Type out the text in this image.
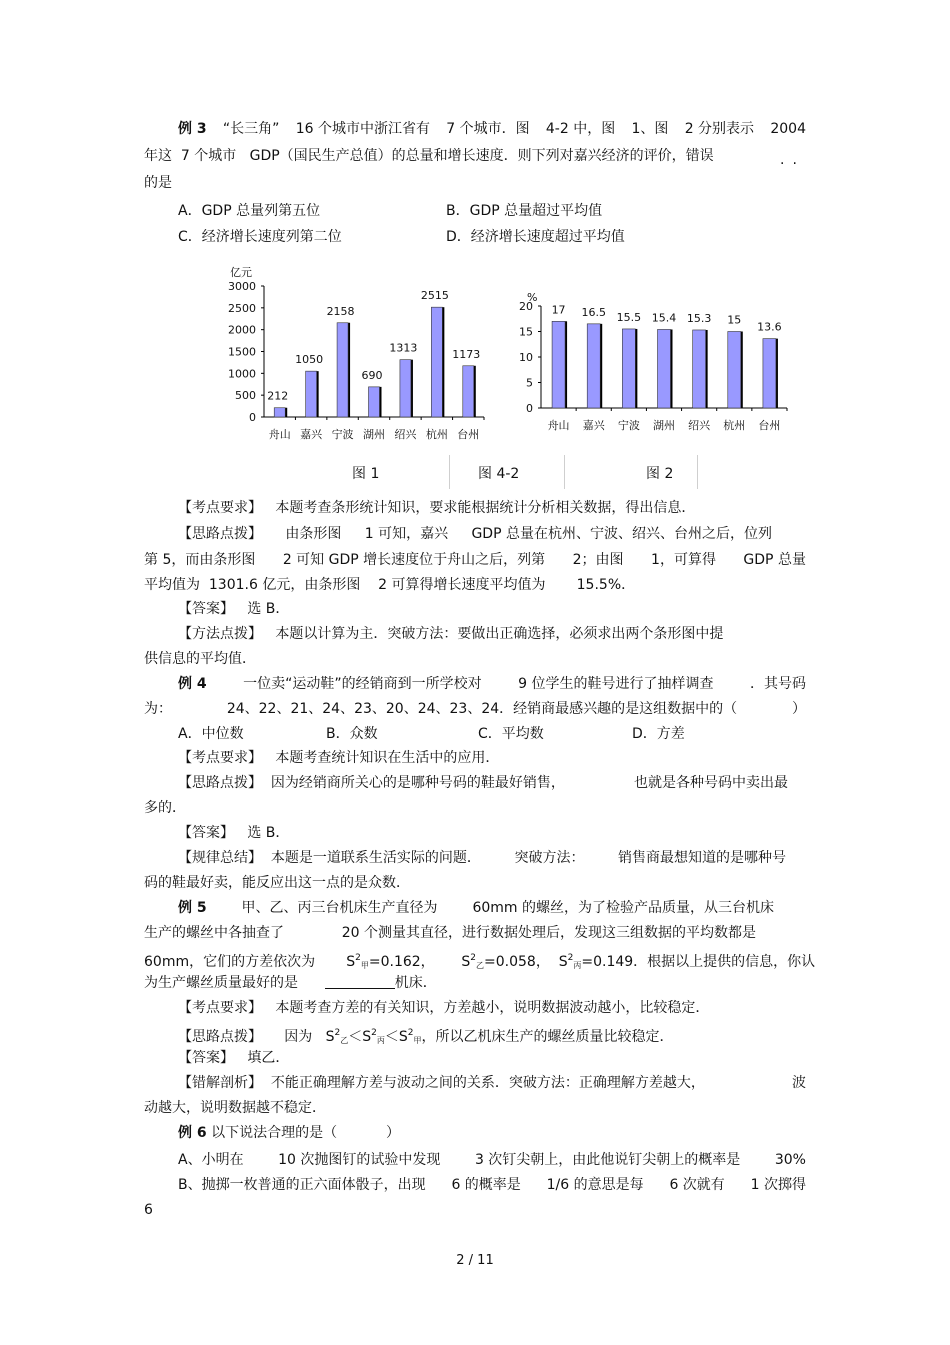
例 3 “长三角” 16 个城市中浙江省有 7 个城市．图 4-2 中，图 1、图 2 分别表示 2004
年这  7 个城市   GDP（国民生产总值）的总量和增长速度．则下列对嘉兴经济的评价，错误	..
的是
A．GDP 总量列第五位	B．GDP 总量超过平均值
C．经济增长速度列第二位	D．经济增长速度超过平均值
亿元
0
500
1000
1500
2000
2500
3000
212
舟山
1050
嘉兴
2158
宁波
690
湖州
1313
绍兴
2515
杭州
1173
台州
%
0
5
10
15
20 17
舟山
16.5
嘉兴
15.5
宁波
15.4
湖州
15.3
绍兴
15
杭州
13.6
台州
图 1	图 4-2	图 2
【考点要求】 本题考查条形统计知识，要求能根据统计分析相关数据，得出信息．
【思路点拨】 由条形图 1 可知，嘉兴 GDP 总量在杭州、宁波、绍兴、台州之后，位列
第 5，而由条形图 2 可知 GDP 增长速度位于舟山之后，列第 2；由图 1，可算得 GDP 总量
平均值为  1301.6 亿元，由条形图    2 可算得增长速度平均值为       15.5%．
【答案】 选 B．
【方法点拨】 本题以计算为主．突破方法：要做出正确选择，必须求出两个条形图中提
供信息的平均值．
例 4	一位卖“运动鞋”的经销商到一所学校对	9 位学生的鞋号进行了抽样调查	．其号码
为：	24、22、21、24、23、20、24、23、24．经销商最感兴趣的是这组数据中的（	）
A．中位数	B．众数	C．平均数	D．方差
【考点要求】 本题考查统计知识在生活中的应用．
【思路点拨】 因为经销商所关心的是哪种号码的鞋最好销售，	也就是各种号码中卖出最
多的．
【答案】 选 B．
【规律总结】 本题是一道联系生活实际的问题． 突破方法： 销售商最想知道的是哪种号
码的鞋最好卖，能反应出这一点的是众数．
例 5 甲、乙、丙三台机床生产直径为 60mm 的螺丝，为了检验产品质量，从三台机床
生产的螺丝中各抽查了	20 个测量其直径，进行数据处理后，发现这三组数据的平均数都是
60mm，它们的方差依次为 $S^2_甲=0.162$， $S^2_乙=0.058$， $S^2_丙=0.149$．根据以上提供的信息，你认
为生产螺丝质量最好的是	机床．
【考点要求】 本题考查方差的有关知识，方差越小，说明数据波动越小，比较稳定．
【思路点拨】 因为 $S^2_乙<S^2_丙<S^2_甲$，所以乙机床生产的螺丝质量比较稳定．
【答案】 填乙．
【错解剖析】 不能正确理解方差与波动之间的关系．突破方法：正确理解方差越大，	波
动越大，说明数据越不稳定．
例 6 以下说法合理的是（	）
A、小明在 10 次抛图钉的试验中发现 3 次钉尖朝上，由此他说钉尖朝上的概率是 30%
B、抛掷一枚普通的正六面体骰子，出现 6 的概率是 1/6 的意思是每 6 次就有 1 次掷得
6
2 / 11
